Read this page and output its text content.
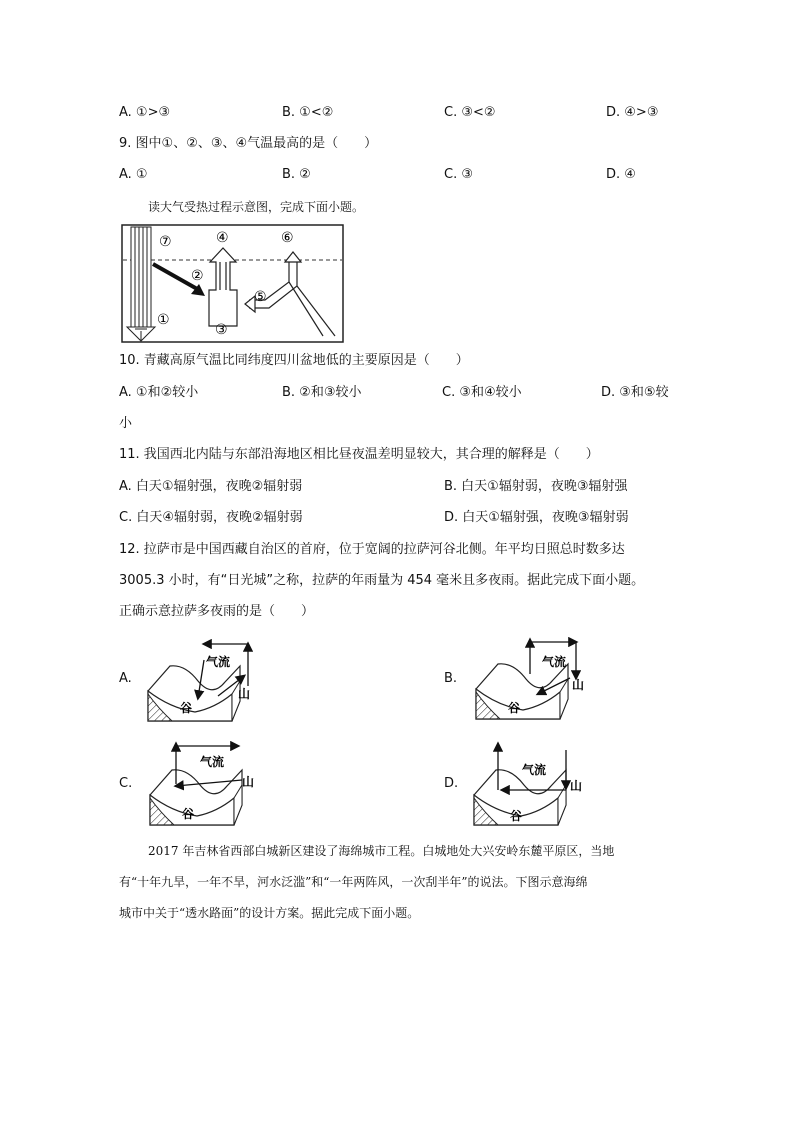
A. ①>③	B. ①<②	C. ③<②	D. ④>③
9. 图中①、②、③、④气温最高的是（　　）
A. ①	B. ②	C. ③	D. ④
读大气受热过程示意图，完成下面小题。
⑦	④	⑥
②
⑤
①
③
10. 青藏高原气温比同纬度四川盆地低的主要原因是（　　）
A. ①和②较小	B. ②和③较小	C. ③和④较小	D. ③和⑤较
小
11. 我国西北内陆与东部沿海地区相比昼夜温差明显较大，其合理的解释是（　　）
A. 白天①辐射强，夜晚②辐射弱	B. 白天①辐射弱，夜晚③辐射强
C. 白天④辐射弱，夜晚②辐射弱	D. 白天①辐射强，夜晚③辐射弱
12. 拉萨市是中国西藏自治区的首府，位于宽阔的拉萨河谷北侧。年平均日照总时数多达
3005.3 小时，有“日光城”之称，拉萨的年雨量为 454 毫米且多夜雨。据此完成下面小题。
正确示意拉萨多夜雨的是（　　）
A.	B.
C.	D.
气流
山
谷
气流
山
谷
气流
山
谷
气流
山
谷
2017 年吉林省西部白城新区建设了海绵城市工程。白城地处大兴安岭东麓平原区，当地
有“十年九旱，一年不旱，河水泛滥”和“一年两阵风，一次刮半年”的说法。下图示意海绵
城市中关于“透水路面”的设计方案。据此完成下面小题。
